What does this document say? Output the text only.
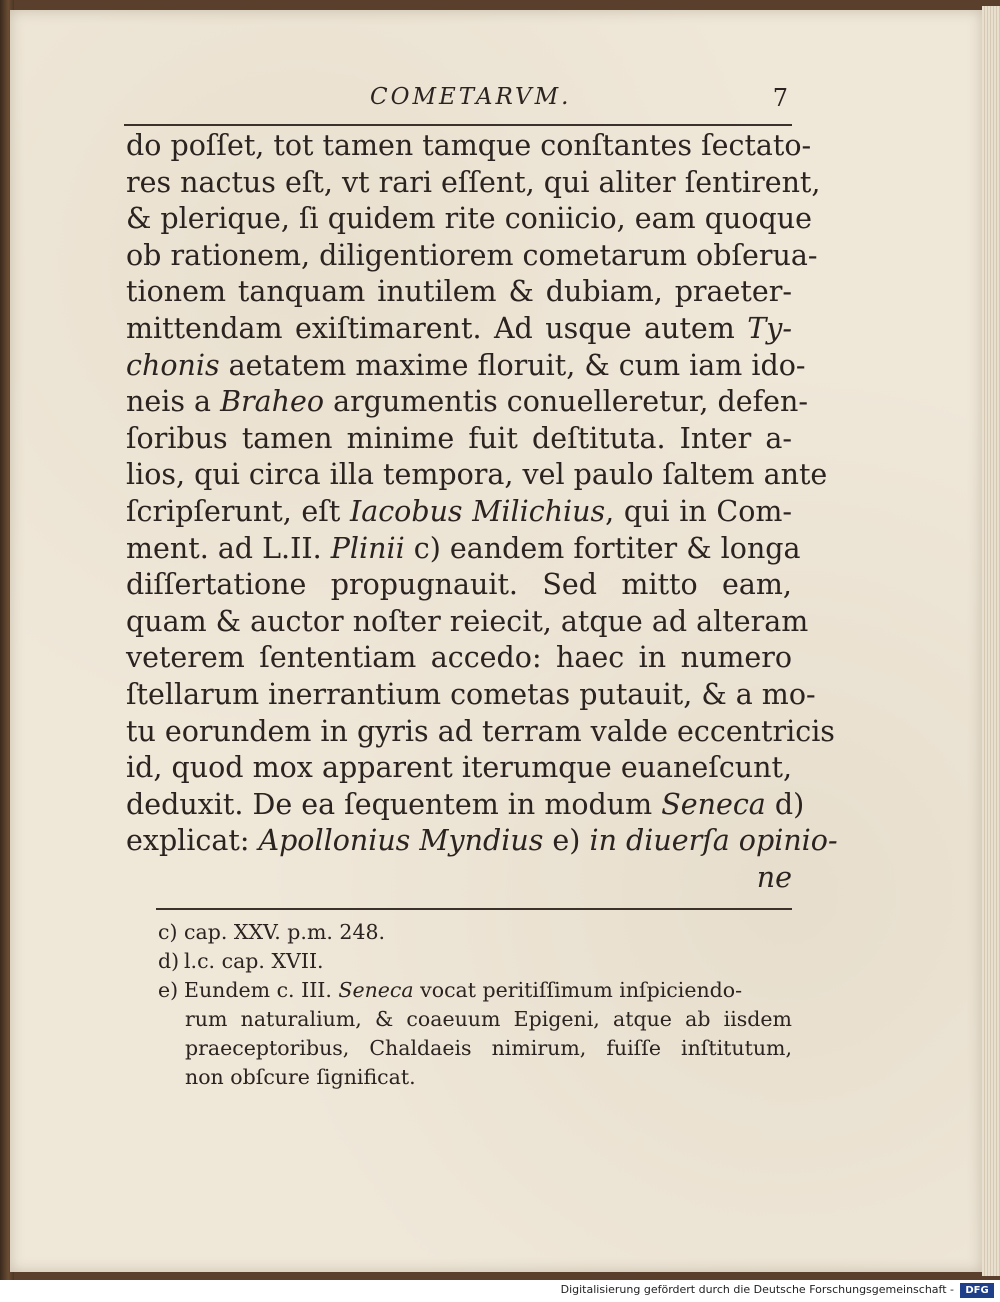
COMETARVM.	7
do poſſet, tot tamen tamque conſtantes ſectato-
res nactus eſt, vt rari eſſent, qui aliter ſentirent,
& plerique, ſi quidem rite coniicio, eam quoque
ob rationem, diligentiorem cometarum obſerua-
tionem tanquam inutilem & dubiam, praeter-
mittendam exiſtimarent. Ad usque autem Ty-
chonis aetatem maxime floruit, & cum iam ido-
neis a Braheo argumentis conuelleretur, defen-
ſoribus tamen minime fuit deſtituta. Inter a-
lios, qui circa illa tempora, vel paulo ſaltem ante
ſcripſerunt, eſt Iacobus Milichius, qui in Com-
ment. ad L.II. Plinii c) eandem fortiter & longa
diſſertatione propugnauit. Sed mitto eam,
quam & auctor noſter reiecit, atque ad alteram
veterem ſententiam accedo: haec in numero
ſtellarum inerrantium cometas putauit, & a mo-
tu eorundem in gyris ad terram valde eccentricis
id, quod mox apparent iterumque euaneſcunt,
deduxit. De ea ſequentem in modum Seneca d)
explicat: Apollonius Myndius e) in diuerſa opinio-
ne
c) cap. XXV. p.m. 248.
d) l.c. cap. XVII.
e) Eundem c. III. Seneca vocat peritiſſimum inſpiciendo-
rum naturalium, & coaeuum Epigeni, atque ab iisdem
praeceptoribus, Chaldaeis nimirum, fuiſſe inſtitutum,
non obſcure ſignificat.
Digitalisierung gefördert durch die Deutsche Forschungsgemeinschaft -	DFG
